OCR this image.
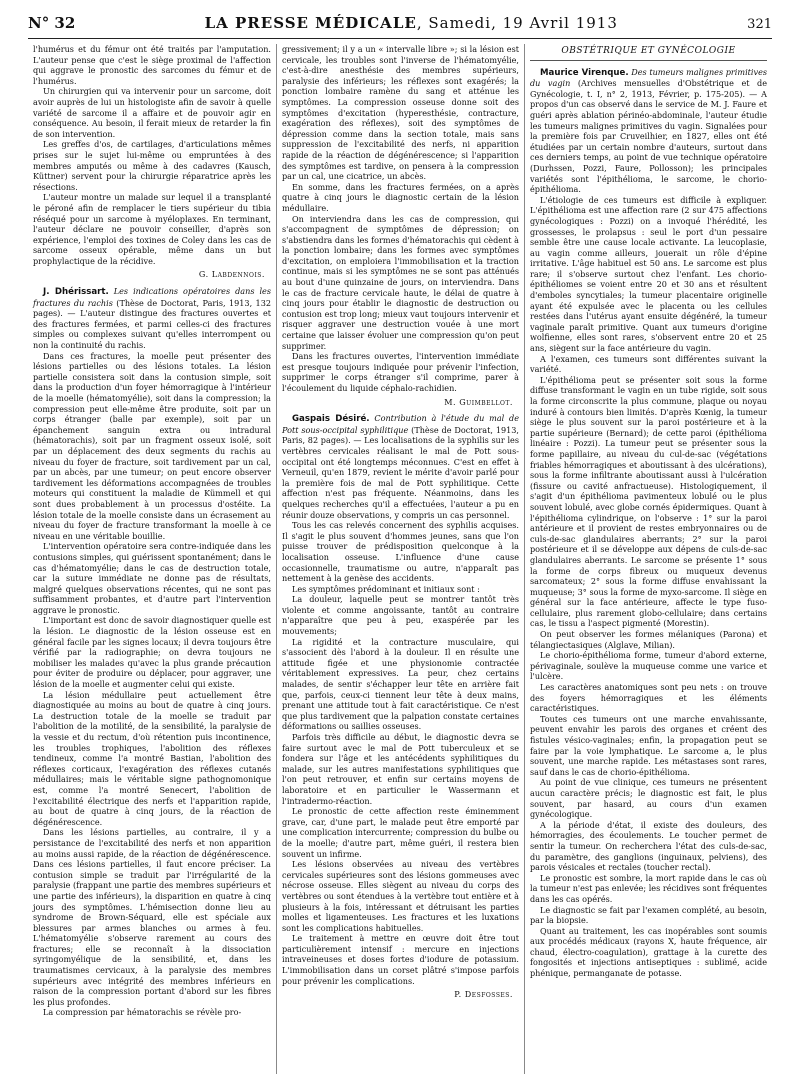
N° 32	LA PRESSE MÉDICALE, Samedi, 19 Avril 1913	321

l'humérus et du fémur ont été traités par l'amputation. L'auteur pense que c'est le siège proximal de l'affection qui aggrave le pronostic des sarcomes du fémur et de l'humérus.

Un chirurgien qui va intervenir pour un sarcome, doit avoir auprès de lui un histologiste afin de savoir à quelle variété de sarcome il a affaire et de pouvoir agir en conséquence. Au besoin, il ferait mieux de retarder la fin de son intervention.

Les greffes d'os, de cartilages, d'articulations mêmes prises sur le sujet lui-même ou empruntées à des membres amputés ou même à des cadavres (Kausch, Küttner) servent pour la chirurgie réparatrice après les résections.

L'auteur montre un malade sur lequel il a transplanté le péroné afin de remplacer le tiers supérieur du tibia réséqué pour un sarcome à myéloplaxes. En terminant, l'auteur déclare ne pouvoir conseiller, d'après son expérience, l'emploi des toxines de Coley dans les cas de sarcome osseux opérable, même dans un but prophylactique de la récidive.

G. Labdennois.

J. Dhérissart. Les indications opératoires dans les fractures du rachis (Thèse de Doctorat, Paris, 1913, 132 pages). — L'auteur distingue des fractures ouvertes et des fractures fermées, et parmi celles-ci des fractures simples ou complexes suivant qu'elles interrompent ou non la continuité du rachis.

Dans ces fractures, la moelle peut présenter des lésions partielles ou des lésions totales. La lésion partielle consistera soit dans la contusion simple, soit dans la production d'un foyer hémorragique à l'intérieur de la moelle (hématomyélie), soit dans la compression; la compression peut elle-même être produite, soit par un corps étranger (balle par exemple), soit par un épanchement sanguin extra ou intradural (hématorachis), soit par un fragment osseux isolé, soit par un déplacement des deux segments du rachis au niveau du foyer de fracture, soit tardivement par un cal, par un abcès, par une tumeur; on peut encore observer tardivement les déformations accompagnées de troubles moteurs qui constituent la maladie de Kümmell et qui sont dues probablement à un processus d'ostéite. La lésion totale de la moelle consiste dans un écrasement au niveau du foyer de fracture transformant la moelle à ce niveau en une véritable bouillie.

L'intervention opératoire sera contre-indiquée dans les contusions simples, qui guérissent spontanément; dans le cas d'hématomyélie; dans le cas de destruction totale, car la suture immédiate ne donne pas de résultats, malgré quelques observations récentes, qui ne sont pas suffisamment probantes, et d'autre part l'intervention aggrave le pronostic.

L'important est donc de savoir diagnostiquer quelle est la lésion. Le diagnostic de la lésion osseuse est en général facile par les signes locaux; il devra toujours être vérifié par la radiographie; on devra toujours ne mobiliser les malades qu'avec la plus grande précaution pour éviter de produire ou déplacer, pour aggraver, une lésion de la moelle et augmenter celui qui existe.

La lésion médullaire peut actuellement être diagnostiquée au moins au bout de quatre à cinq jours. La destruction totale de la moelle se traduit par l'abolition de la motilité, de la sensibilité, la paralysie de la vessie et du rectum, d'où rétention puis incontinence, les troubles trophiques, l'abolition des réflexes tendineux, comme l'a montré Bastian, l'abolition des réflexes corticaux, l'exagération des réflexes cutanés médullaires; mais le véritable signe pathognomonique est, comme l'a montré Senecert, l'abolition de l'excitabilité électrique des nerfs et l'apparition rapide, au bout de quatre à cinq jours, de la réaction de dégénérescence.

Dans les lésions partielles, au contraire, il y a persistance de l'excitabilité des nerfs et non apparition au moins aussi rapide, de la réaction de dégénérescence. Dans ces lésions partielles, il faut encore préciser. La contusion simple se traduit par l'irrégularité de la paralysie (frappant une partie des membres supérieurs et une partie des inférieurs), la disparition en quatre à cinq jours des symptômes. L'hémisection donne lieu au syndrome de Brown-Séquard, elle est spéciale aux blessures par armes blanches ou armes à feu. L'hématomyélie s'observe rarement au cours des fractures; elle se reconnaît à la dissociation syringomyélique de la sensibilité, et, dans les traumatismes cervicaux, à la paralysie des membres supérieurs avec intégrité des membres inférieurs en raison de la compression portant d'abord sur les fibres les plus profondes.

La compression par hématorachis se révèle pro-

gressivement; il y a un « intervalle libre »; si la lésion est cervicale, les troubles sont l'inverse de l'hématomyélie, c'est-à-dire anesthésie des membres supérieurs, paralysie des inférieurs; les réflexes sont exagérés; la ponction lombaire ramène du sang et atténue les symptômes. La compression osseuse donne soit des symptômes d'excitation (hyperesthésie, contracture, exagération des réflexes), soit des symptômes de dépression comme dans la section totale, mais sans suppression de l'excitabilité des nerfs, ni apparition rapide de la réaction de dégénérescence; si l'apparition des symptômes est tardive, on pensera à la compression par un cal, une cicatrice, un abcès.

En somme, dans les fractures fermées, on a après quatre à cinq jours le diagnostic certain de la lésion médullaire.

On interviendra dans les cas de compression, qui s'accompagnent de symptômes de dépression; on s'abstiendra dans les formes d'hématorachis qui cèdent à la ponction lombaire; dans les formes avec symptômes d'excitation, on emploiera l'immobilisation et la traction continue, mais si les symptômes ne se sont pas atténués au bout d'une quinzaine de jours, on interviendra. Dans le cas de fracture cervicale haute, le délai de quatre à cinq jours pour établir le diagnostic de destruction ou contusion est trop long; mieux vaut toujours intervenir et risquer aggraver une destruction vouée à une mort certaine que laisser évoluer une compression qu'on peut supprimer.

Dans les fractures ouvertes, l'intervention immédiate est presque toujours indiquée pour prévenir l'infection, supprimer le corps étranger s'il comprime, parer à l'écoulement du liquide céphalo-rachidien.

M. Guimbellot.

Gaspais Désiré. Contribution à l'étude du mal de Pott sous-occipital syphilitique (Thèse de Doctorat, 1913, Paris, 82 pages). — Les localisations de la syphilis sur les vertèbres cervicales réalisant le mal de Pott sous-occipital ont été longtemps méconnues. C'est en effet à Verneuil, qu'en 1879, revient le mérite d'avoir parlé pour la première fois de mal de Pott syphilitique. Cette affection n'est pas fréquente. Néanmoins, dans les quelques recherches qu'il a effectuées, l'auteur a pu en réunir douze observations, y compris un cas personnel.

Tous les cas relevés concernent des syphilis acquises. Il s'agit le plus souvent d'hommes jeunes, sans que l'on puisse trouver de prédisposition quelconque à la localisation osseuse. L'influence d'une cause occasionnelle, traumatisme ou autre, n'apparaît pas nettement à la genèse des accidents.

Les symptômes prédominant et initiaux sont :

La douleur, laquelle peut se montrer tantôt très violente et comme angoissante, tantôt au contraire n'apparaître que peu à peu, exaspérée par les mouvements;

La rigidité et la contracture musculaire, qui s'associent dès l'abord à la douleur. Il en résulte une attitude figée et une physionomie contractée véritablement expressives. La peur, chez certains malades, de sentir s'échapper leur tête en arrière fait que, parfois, ceux-ci tiennent leur tête à deux mains, prenant une attitude tout à fait caractéristique. Ce n'est que plus tardivement que la palpation constate certaines déformations ou saillies osseuses.

Parfois très difficile au début, le diagnostic devra se faire surtout avec le mal de Pott tuberculeux et se fondera sur l'âge et les antécédents syphilitiques du malade, sur les autres manifestations syphilitiques que l'on peut retrouver, et enfin sur certains moyens de laboratoire et en particulier le Wassermann et l'intradermo-réaction.

Le pronostic de cette affection reste éminemment grave, car, d'une part, le malade peut être emporté par une complication intercurrente; compression du bulbe ou de la moelle; d'autre part, même guéri, il restera bien souvent un infirme.

Les lésions observées au niveau des vertèbres cervicales supérieures sont des lésions gommeuses avec nécrose osseuse. Elles siègent au niveau du corps des vertèbres ou sont étendues à la vertèbre tout entière et à plusieurs à la fois, intéressant et détruisant les parties molles et ligamenteuses. Les fractures et les luxations sont les complications habituelles.

Le traitement à mettre en œuvre doit être tout particulièrement intensif : mercure en injections intraveineuses et doses fortes d'iodure de potassium. L'immobilisation dans un corset plâtré s'impose parfois pour prévenir les complications.

P. Desfosses.
OBSTÉTRIQUE ET GYNÉCOLOGIE

Maurice Virenque. Des tumeurs malignes primitives du vagin (Archives mensuelles d'Obstétrique et de Gynécologie, t. I, n° 2, 1913, Février, p. 175-205). — A propos d'un cas observé dans le service de M. J. Faure et guéri après ablation périnéo-abdominale, l'auteur étudie les tumeurs malignes primitives du vagin. Signalées pour la première fois par Cruveilhier, en 1827, elles ont été étudiées par un certain nombre d'auteurs, surtout dans ces derniers temps, au point de vue technique opératoire (Durhssen, Pozzi, Faure, Pollosson); les principales variétés sont l'épithélioma, le sarcome, le chorio-épithélioma.

L'étiologie de ces tumeurs est difficile à expliquer. L'épithélioma est une affection rare (2 sur 475 affections gynécologiques : Pozzi) on a invoqué l'hérédité, les grossesses, le prolapsus : seul le port d'un pessaire semble être une cause locale activante. La leucoplasie, au vagin comme ailleurs, jouerait un rôle d'épine irritative. L'âge habituel est 50 ans. Le sarcome est plus rare; il s'observe surtout chez l'enfant. Les chorio-épithéliomes se voient entre 20 et 30 ans et résultent d'emboles syncytiales; la tumeur placentaire originelle ayant été expulsée avec le placenta ou les cellules restées dans l'utérus ayant ensuite dégénéré, la tumeur vaginale paraît primitive. Quant aux tumeurs d'origine wolfienne, elles sont rares, s'observent entre 20 et 25 ans, siègent sur la face antérieure du vagin.

A l'examen, ces tumeurs sont différentes suivant la variété.

L'épithélioma peut se présenter soit sous la forme diffuse transformant le vagin en un tube rigide, soit sous la forme circonscrite la plus commune, plaque ou noyau induré à contours bien limités. D'après Kœnig, la tumeur siège le plus souvent sur la paroi postérieure et à la partie supérieure (Bernard); de cette paroi (épithélioma linéaire : Pozzi). La tumeur peut se présenter sous la forme papillaire, au niveau du cul-de-sac (végétations friables hémorragiques et aboutissant à des ulcérations), sous la forme infiltrante aboutissant aussi à l'ulcération (fissure ou cavité anfractueuse). Histologiquement, il s'agit d'un épithélioma pavimenteux lobulé ou le plus souvent lobulé, avec globe cornés épidermiques. Quant à l'épithélioma cylindrique, on l'observe : 1° sur la paroi antérieure et il provient de restes embryonnaires ou de culs-de-sac glandulaires aberrants; 2° sur la paroi postérieure et il se développe aux dépens de culs-de-sac glandulaires aberrants. Le sarcome se présente 1° sous la forme de corps fibreux ou muqueux devenus sarcomateux; 2° sous la forme diffuse envahissant la muqueuse; 3° sous la forme de myxo-sarcome. Il siège en général sur la face antérieure, affecte le type fuso-cellulaire, plus rarement globo-cellulaire; dans certains cas, le tissu a l'aspect pigmenté (Morestin).

On peut observer les formes mélaniques (Parona) et télangiectasiques (Alglave, Milian).

Le chorio-épithélioma forme, tumeur d'abord externe, périvaginale, soulève la muqueuse comme une varice et l'ulcère.

Les caractères anatomiques sont peu nets : on trouve des foyers hémorragiques et les éléments caractéristiques.

Toutes ces tumeurs ont une marche envahissante, peuvent envahir les parois des organes et créent des fistules vésico-vaginales; enfin, la propagation peut se faire par la voie lymphatique. Le sarcome a, le plus souvent, une marche rapide. Les métastases sont rares, sauf dans le cas de chorio-épithélioma.

Au point de vue clinique, ces tumeurs ne présentent aucun caractère précis; le diagnostic est fait, le plus souvent, par hasard, au cours d'un examen gynécologique.

A la période d'état, il existe des douleurs, des hémorragies, des écoulements. Le toucher permet de sentir la tumeur. On recherchera l'état des culs-de-sac, du paramètre, des ganglions (inguinaux, pelviens), des parois vésicales et rectales (toucher rectal).

Le pronostic est sombre, la mort rapide dans le cas où la tumeur n'est pas enlevée; les récidives sont fréquentes dans les cas opérés.

Le diagnostic se fait par l'examen complété, au besoin, par la biopsie.

Quant au traitement, les cas inopérables sont soumis aux procédés médicaux (rayons X, haute fréquence, air chaud, électro-coagulation), grattage à la curette des fongosités et injections antiseptiques : sublimé, acide phénique, permanganate de potasse.
